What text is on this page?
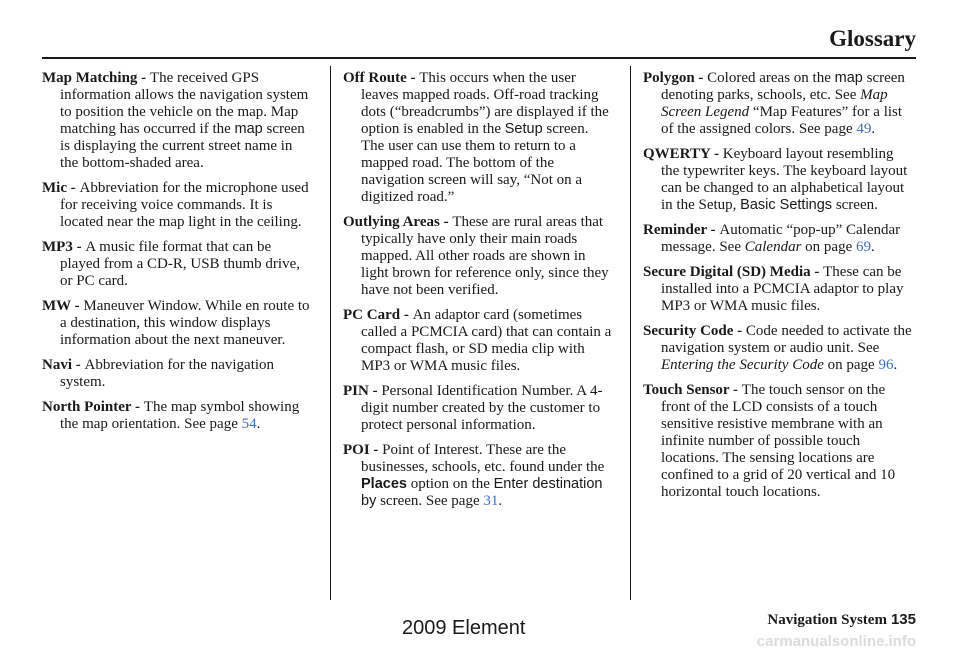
Glossary

Map Matching - The received GPS information allows the navigation system to position the vehicle on the map. Map matching has occurred if the map screen is displaying the current street name in the bottom-shaded area.

Mic - Abbreviation for the microphone used for receiving voice commands. It is located near the map light in the ceiling.

MP3 - A music file format that can be played from a CD-R, USB thumb drive, or PC card.

MW - Maneuver Window. While en route to a destination, this window displays information about the next maneuver.

Navi - Abbreviation for the navigation system.

North Pointer - The map symbol showing the map orientation. See page 54.

Off Route - This occurs when the user leaves mapped roads. Off-road tracking dots (“breadcrumbs”) are displayed if the option is enabled in the Setup screen. The user can use them to return to a mapped road. The bottom of the navigation screen will say, “Not on a digitized road.”

Outlying Areas - These are rural areas that typically have only their main roads mapped. All other roads are shown in light brown for reference only, since they have not been verified.

PC Card - An adaptor card (sometimes called a PCMCIA card) that can contain a compact flash, or SD media clip with MP3 or WMA music files.

PIN - Personal Identification Number. A 4-digit number created by the customer to protect personal information.

POI - Point of Interest. These are the businesses, schools, etc. found under the Places option on the Enter destination by screen. See page 31.

Polygon - Colored areas on the map screen denoting parks, schools, etc. See Map Screen Legend “Map Features” for a list of the assigned colors. See page 49.

QWERTY - Keyboard layout resembling the typewriter keys. The keyboard layout can be changed to an alphabetical layout in the Setup, Basic Settings screen.

Reminder - Automatic “pop-up” Calendar message. See Calendar on page 69.

Secure Digital (SD) Media - These can be installed into a PCMCIA adaptor to play MP3 or WMA music files.

Security Code - Code needed to activate the navigation system or audio unit. See Entering the Security Code on page 96.

Touch Sensor - The touch sensor on the front of the LCD consists of a touch sensitive resistive membrane with an infinite number of possible touch locations. The sensing locations are confined to a grid of 20 vertical and 10 horizontal touch locations.

Navigation System 135
2009 Element
carmanualsonline.info
